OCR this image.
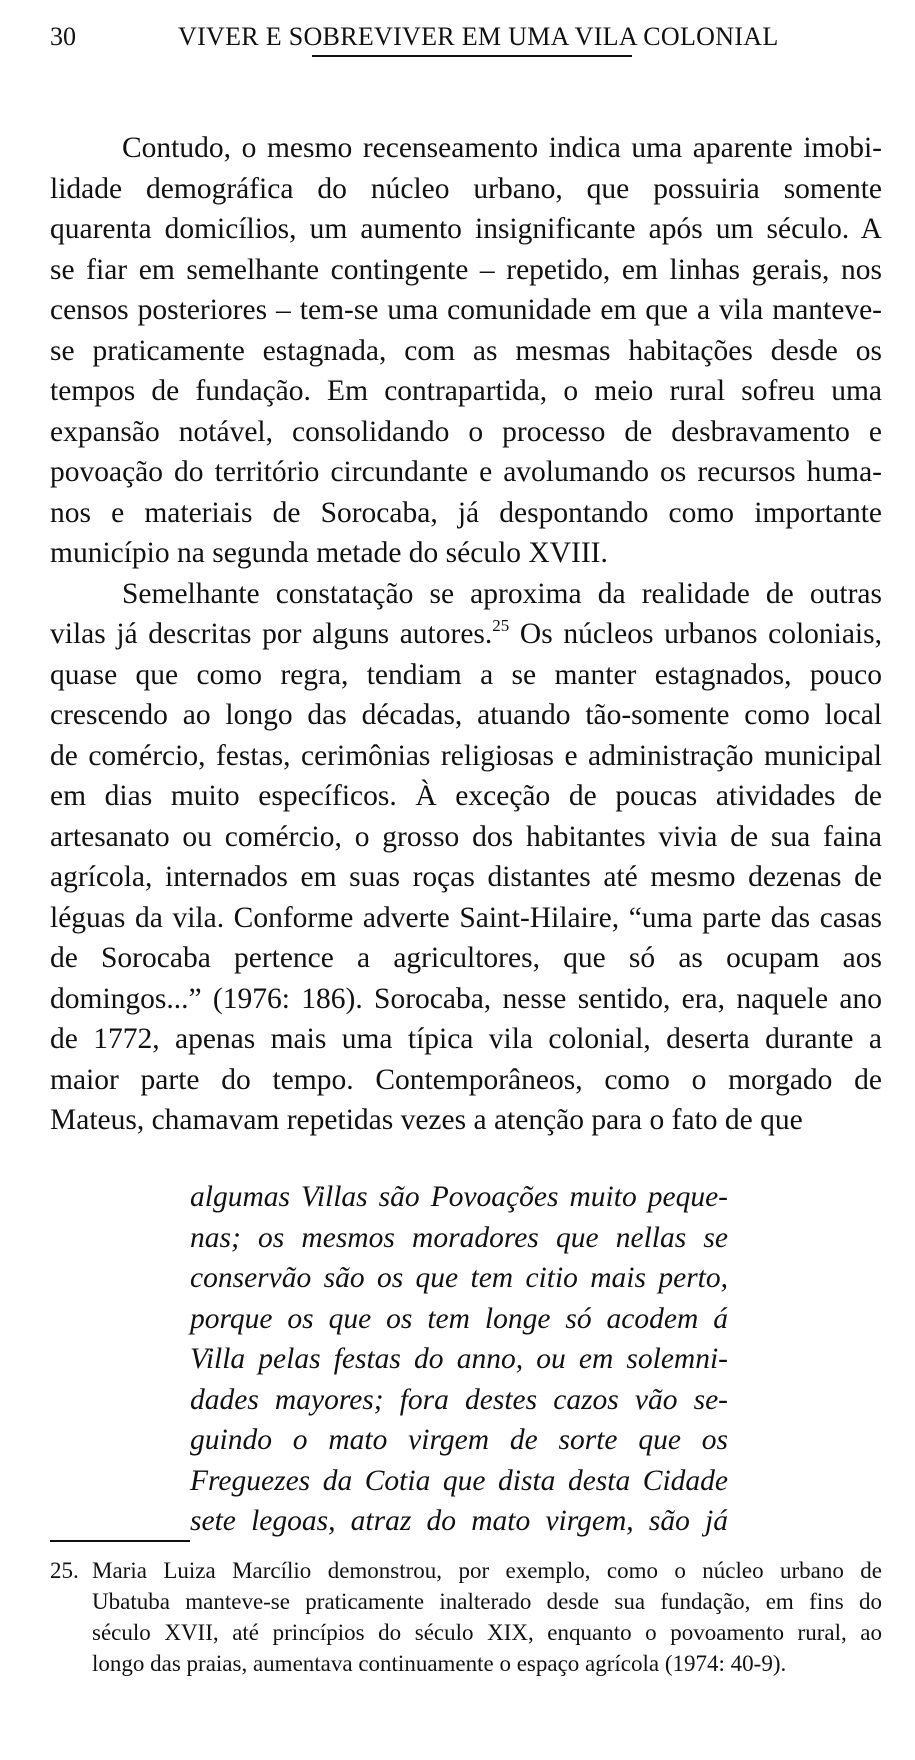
30	VIVER E SOBREVIVER EM UMA VILA COLONIAL
Contudo, o mesmo recenseamento indica uma aparente imobi-
lidade demográfica do núcleo urbano, que possuiria somente
quarenta domicílios, um aumento insignificante após um século. A
se fiar em semelhante contingente – repetido, em linhas gerais, nos
censos posteriores – tem-se uma comunidade em que a vila manteve-
se praticamente estagnada, com as mesmas habitações desde os
tempos de fundação. Em contrapartida, o meio rural sofreu uma
expansão notável, consolidando o processo de desbravamento e
povoação do território circundante e avolumando os recursos huma-
nos e materiais de Sorocaba, já despontando como importante
município na segunda metade do século XVIII.
Semelhante constatação se aproxima da realidade de outras
vilas já descritas por alguns autores.$^{25}$ Os núcleos urbanos coloniais,
quase que como regra, tendiam a se manter estagnados, pouco
crescendo ao longo das décadas, atuando tão-somente como local
de comércio, festas, cerimônias religiosas e administração municipal
em dias muito específicos. À exceção de poucas atividades de
artesanato ou comércio, o grosso dos habitantes vivia de sua faina
agrícola, internados em suas roças distantes até mesmo dezenas de
léguas da vila. Conforme adverte Saint-Hilaire, “uma parte das casas
de Sorocaba pertence a agricultores, que só as ocupam aos
domingos...” (1976: 186). Sorocaba, nesse sentido, era, naquele ano
de 1772, apenas mais uma típica vila colonial, deserta durante a
maior parte do tempo. Contemporâneos, como o morgado de
Mateus, chamavam repetidas vezes a atenção para o fato de que
algumas Villas são Povoações muito peque-
nas; os mesmos moradores que nellas se
conservão são os que tem citio mais perto,
porque os que os tem longe só acodem á
Villa pelas festas do anno, ou em solemni-
dades mayores; fora destes cazos vão se-
guindo o mato virgem de sorte que os
Freguezes da Cotia que dista desta Cidade
sete legoas, atraz do mato virgem, são já
25. Maria Luiza Marcílio demonstrou, por exemplo, como o núcleo urbano de
Ubatuba manteve-se praticamente inalterado desde sua fundação, em fins do
século XVII, até princípios do século XIX, enquanto o povoamento rural, ao
longo das praias, aumentava continuamente o espaço agrícola (1974: 40-9).
